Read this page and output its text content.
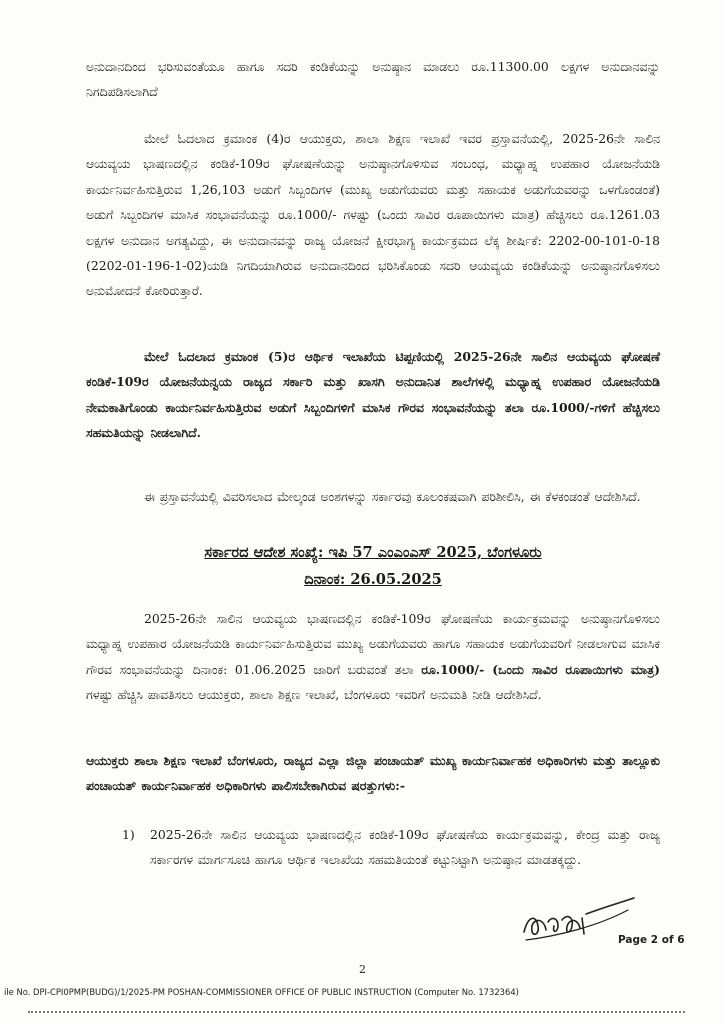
ಅನುದಾನದಿಂದ ಭರಿಸುವಂತೆಯೂ ಹಾಗೂ ಸದರಿ ಕಂಡಿಕೆಯನ್ನು ಅನುಷ್ಠಾನ ಮಾಡಲು ರೂ.11300.00 ಲಕ್ಷಗಳ ಅನುದಾನವನ್ನು ನಿಗದಿಪಡಿಸಲಾಗಿದೆ
ಮೇಲೆ ಓದಲಾದ ಕ್ರಮಾಂಕ (4)ರ ಆಯುಕ್ತರು, ಶಾಲಾ ಶಿಕ್ಷಣ ಇಲಾಖೆ ಇವರ ಪ್ರಸ್ತಾವನೆಯಲ್ಲಿ, 2025-26ನೇ ಸಾಲಿನ ಆಯವ್ಯಯ ಭಾಷಣದಲ್ಲಿನ ಕಂಡಿಕೆ-109ರ ಘೋಷಣೆಯನ್ನು ಅನುಷ್ಠಾನಗೊಳಿಸುವ ಸಂಬಂಧ, ಮಧ್ಯಾಹ್ನ ಉಪಹಾರ ಯೋಜನೆಯಡಿ ಕಾರ್ಯನಿರ್ವಹಿಸುತ್ತಿರುವ 1,26,103 ಅಡುಗೆ ಸಿಬ್ಬಂದಿಗಳ (ಮುಖ್ಯ ಅಡುಗೆಯವರು ಮತ್ತು ಸಹಾಯಕ ಅಡುಗೆಯವರನ್ನು ಒಳಗೊಂಡಂತೆ) ಅಡುಗೆ ಸಿಬ್ಬಂದಿಗಳ ಮಾಸಿಕ ಸಂಭಾವನೆಯನ್ನು ರೂ.1000/- ಗಳಷ್ಟು (ಒಂದು ಸಾವಿರ ರೂಪಾಯಿಗಳು ಮಾತ್ರ) ಹೆಚ್ಚಿಸಲು ರೂ.1261.03 ಲಕ್ಷಗಳ ಅನುದಾನ ಅಗತ್ಯವಿದ್ದು, ಈ ಅನುದಾನವನ್ನು ರಾಜ್ಯ ಯೋಜನೆ ಕ್ಷೀರಭಾಗ್ಯ ಕಾರ್ಯಕ್ರಮದ ಲೆಕ್ಕ ಶೀರ್ಷಿಕೆ: 2202-00-101-0-18 (2202-01-196-1-02)ಯಡಿ ನಿಗದಿಯಾಗಿರುವ ಅನುದಾನದಿಂದ ಭರಿಸಿಕೊಂಡು ಸದರಿ ಆಯವ್ಯಯ ಕಂಡಿಕೆಯನ್ನು ಅನುಷ್ಠಾನಗೊಳಿಸಲು ಅನುಮೋದನೆ ಕೋರಿರುತ್ತಾರೆ.
ಮೇಲೆ ಓದಲಾದ ಕ್ರಮಾಂಕ (5)ರ ಆರ್ಥಿಕ ಇಲಾಖೆಯ ಟಿಪ್ಪಣಿಯಲ್ಲಿ 2025-26ನೇ ಸಾಲಿನ ಆಯವ್ಯಯ ಘೋಷಣೆ ಕಂಡಿಕೆ-109ರ ಯೋಜನೆಯನ್ವಯ ರಾಜ್ಯದ ಸರ್ಕಾರಿ ಮತ್ತು ಖಾಸಗಿ ಅನುದಾನಿತ ಶಾಲೆಗಳಲ್ಲಿ ಮಧ್ಯಾಹ್ನ ಉಪಹಾರ ಯೋಜನೆಯಡಿ ನೇಮಕಾತಿಗೊಂಡು ಕಾರ್ಯನಿರ್ವಹಿಸುತ್ತಿರುವ ಅಡುಗೆ ಸಿಬ್ಬಂದಿಗಳಿಗೆ ಮಾಸಿಕ ಗೌರವ ಸಂಭಾವನೆಯನ್ನು ತಲಾ ರೂ.1000/-ಗಳಿಗೆ ಹೆಚ್ಚಿಸಲು ಸಹಮತಿಯನ್ನು ನೀಡಲಾಗಿದೆ.
ಈ ಪ್ರಸ್ತಾವನೆಯಲ್ಲಿ ವಿವರಿಸಲಾದ ಮೇಲ್ಕಂಡ ಅಂಶಗಳನ್ನು ಸರ್ಕಾರವು ಕೂಲಂಕಷವಾಗಿ ಪರಿಶೀಲಿಸಿ, ಈ ಕೆಳಕಂಡಂತೆ ಆದೇಶಿಸಿದೆ.
ಸರ್ಕಾರದ ಆದೇಶ ಸಂಖ್ಯೆ: ಇಪಿ 57 ಎಂಎಂಎಸ್ 2025, ಬೆಂಗಳೂರು
ದಿನಾಂಕ: 26.05.2025
2025-26ನೇ ಸಾಲಿನ ಆಯವ್ಯಯ ಭಾಷಣದಲ್ಲಿನ ಕಂಡಿಕೆ-109ರ ಘೋಷಣೆಯ ಕಾರ್ಯಕ್ರಮವನ್ನು ಅನುಷ್ಠಾನಗೊಳಿಸಲು ಮಧ್ಯಾಹ್ನ ಉಪಹಾರ ಯೋಜನೆಯಡಿ ಕಾರ್ಯನಿರ್ವಹಿಸುತ್ತಿರುವ ಮುಖ್ಯ ಅಡುಗೆಯವರು ಹಾಗೂ ಸಹಾಯಕ ಅಡುಗೆಯವರಿಗೆ ನೀಡಲಾಗುವ ಮಾಸಿಕ ಗೌರವ ಸಂಭಾವನೆಯನ್ನು ದಿನಾಂಕ: 01.06.2025 ಜಾರಿಗೆ ಬರುವಂತೆ ತಲಾ ರೂ.1000/- (ಒಂದು ಸಾವಿರ ರೂಪಾಯಿಗಳು ಮಾತ್ರ) ಗಳಷ್ಟು ಹೆಚ್ಚಿಸಿ ಪಾವತಿಸಲು ಆಯುಕ್ತರು, ಶಾಲಾ ಶಿಕ್ಷಣ ಇಲಾಖೆ, ಬೆಂಗಳೂರು ಇವರಿಗೆ ಅನುಮತಿ ನೀಡಿ ಆದೇಶಿಸಿದೆ.
ಆಯುಕ್ತರು ಶಾಲಾ ಶಿಕ್ಷಣ ಇಲಾಖೆ ಬೆಂಗಳೂರು, ರಾಜ್ಯದ ಎಲ್ಲಾ ಜಿಲ್ಲಾ ಪಂಚಾಯತ್ ಮುಖ್ಯ ಕಾರ್ಯನಿರ್ವಾಹಕ ಅಧಿಕಾರಿಗಳು ಮತ್ತು ತಾಲ್ಲೂಕು ಪಂಚಾಯತ್ ಕಾರ್ಯನಿರ್ವಾಹಕ ಅಧಿಕಾರಿಗಳು ಪಾಲಿಸಬೇಕಾಗಿರುವ ಷರತ್ತುಗಳು:-
1) 2025-26ನೇ ಸಾಲಿನ ಆಯವ್ಯಯ ಭಾಷಣದಲ್ಲಿನ ಕಂಡಿಕೆ-109ರ ಘೋಷಣೆಯ ಕಾರ್ಯಕ್ರಮವನ್ನು, ಕೇಂದ್ರ ಮತ್ತು ರಾಜ್ಯ ಸರ್ಕಾರಗಳ ಮಾರ್ಗಸೂಚಿ ಹಾಗೂ ಆರ್ಥಿಕ ಇಲಾಖೆಯ ಸಹಮತಿಯಂತೆ ಕಟ್ಟುನಿಟ್ಟಾಗಿ ಅನುಷ್ಠಾನ ಮಾಡತಕ್ಕದ್ದು.
Page 2 of 6
2
ile No. DPI-CPI0PMP(BUDG)/1/2025-PM POSHAN-COMMISSIONER OFFICE OF PUBLIC INSTRUCTION (Computer No. 1732364)
